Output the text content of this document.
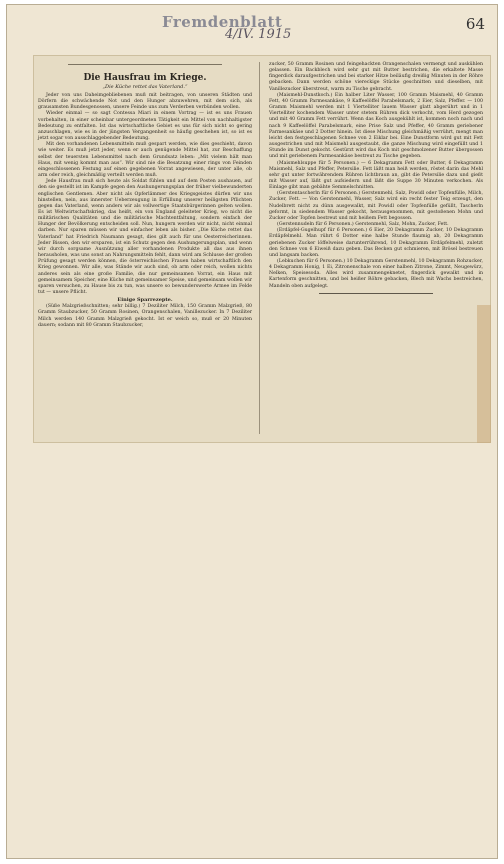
Fremdenblatt
4/IV. 1915
64
Die Hausfrau im Kriege.
„Die Küche rettet das Vaterland.“

Jeder von uns Daheimgebliebenen muß mit beitragen, von unseren Städten und Dörfern die schwächende Not und den Hunger abzuwehren, mit dem sich, als grausamsten Bundesgenossen, unsere Feinde uns zum Verderben verbünden wollen.

Wieder einmal — so sagt Contessa Miari in einem Vortrag — ist es uns Frauen vorbehalten, in einer scheinbar untergeordneten Tätigkeit ein Mittel von nachhaltigster Bedeutung zu entfalten. Ist das wirtschaftliche Gebiet es uns für sich nicht so gering anzuschlagen, wie es in der jüngsten Vergangenheit so häufig geschehen ist, so ist es jetzt sogar von ausschlaggebender Bedeutung.

Mit den vorhandenen Lebensmitteln muß gespart werden, wie dies geschieht, davon wie weiter. Es muß jetzt jeder, wenn er auch genügende Mittel hat, zur Beschaffung selbst der teuersten Lebensmittel nach dem Grundsatz leben: „Mit vielem hält man Haus, mit wenig kommt man aus“. Wir sind nie die Besatzung einer rings von Feinden eingeschlossenen Festung auf einen gegebenen Vorrat angewiesen, der unter alle, ob arm oder reich, gleichmäßig verteilt werden muß.

Jede Hausfrau muß sich heute als Soldat fühlen und auf dem Posten aushauen, auf den sie gestellt ist im Kampfe gegen den Aushungerungsplan der früher vielbewunderten englischen Gentlemen. Aber nicht als Opferlämmer des Kriegsgeistes dürfen wir uns hinstellen, nein, aus innerster Ueberzeugung in Erfüllung unserer heiligsten Pflichten gegen das Vaterland, wenn anders wir als vollwertige Staatsbürgerinnen gelten wollen. Es ist Weltwirtschaftskrieg, das heißt, ein von England geleiteter Krieg, wo nicht die militärischen Qualitäten und die militärische Machtentfaltung, sondern einfach der Hunger der Bevölkerung entscheiden soll. Nun, hungern werden wir nicht, nicht einmal darben. Nur sparen müssen wir und einfacher leben als bisher. „Die Küche rettet das Vaterland“ hat Friedrich Naumann gesagt, dies gilt auch für uns Oesterreicherinnen. Jeder Bissen, den wir ersparen, ist ein Schutz gegen den Aushungerungsplan, und wenn wir durch sorgsame Ausnützung aller vorhandenen Produkte all das aus ihnen herausholen, was uns sonst an Nahrungsmitteln fehlt, dann wird am Schlusse der großen Prüfung gesagt werden können, die österreichischen Frauen haben wirtschaftlich den Krieg gewonnen. Wir alle, was Stände wir auch sind, ob arm oder reich, wollen nichts anderes sein als eine große Familie, die nur gemeinsamen Vorrat, ein Haus mit gemeinsamem Speicher, eine Küche mit gemeinsamer Speise, und gemeinsam wollen wir sparen versuchen, zu Hause bis zu tun, was unsere so bewunderswerte Armee im Felde tut — unsere Pflicht.

Einige Sparrezepte.

(Süße Malzgrießschnitten; sehr billig.) 7 Deziliter Milch, 150 Gramm Malzgrieß, 80 Gramm Staubzucker, 50 Gramm Rosinen, Orangenschalen, Vanillezucker. In 7 Deziliter Milch werden 140 Gramm Malzgrieß gekocht. Ist er weich so, muß er 20 Minuten dauern; sodann mit 80 Gramm Staubzucker,

zucker, 50 Gramm Rosinen und feingehackten Orangenschalen vermengt und auskühlen gelassen. Ein Backblech wird sehr gut mit Butter bestrichen, die erkaltete Masse fingerdick daraufgestrichen und bei starker Hitze beiläufig dreißig Minuten in der Röhre gebacken. Dann werden schöne viereckige Stücke geschnitten und dieselben, mit Vanillezucker überstreut, warm zu Tische gebracht.

(Maismehl-Dunstkoch.) Ein halber Liter Wasser, 100 Gramm Maismehl, 40 Gramm Fett, 40 Gramm Parmesankäse, 9 Kaffeelöffel Parabelsmark, 2 Eier, Salz, Pfeffer. — 100 Gramm Maismehl werden mit 1 Viertelliter lauem Wasser glatt abgerührt und in 1 Viertelliter kochendem Wasser unter stetem Rühren dick verkocht, vom Herd gezogen und mit 40 Gramm Fett verrührt. Wenn das Koch ausgekühlt ist, kommen noch nach und nach 9 Kaffeelöffel Parabelsmark, eine Prise Salz und Pfeffer, 40 Gramm geriebener Parmesankäse und 2 Dotter hinein. Ist diese Mischung gleichmäßig verrührt, mengt man leicht den festgeschlagenen Schnee von 2 Eiklar bei. Eine Dunstform wird gut mit Fett ausgestrichen und mit Maismehl ausgestaubt, die ganze Mischung wird eingefüllt und 1 Stunde im Dunst gekocht. Gestürzt wird das Koch mit geschmolzener Butter übergossen und mit geriebenem Parmesankäse bestreut zu Tische gegeben.

(Maismehlsuppe für 5 Personen.) — 6 Dekagramm Fett oder Butter, 6 Dekagramm Maismehl, Salz und Pfeffer, Petersilie. Fett läßt man heiß werden, röstet darin das Mehl sehr gut unter fortwährendem Rühren lichtbraun an, gibt die Petersilie dazu und gießt mit Wasser auf, läßt gut aufsiedern und läßt die Suppe 30 Minuten verkochen. Als Einlage gibt man gebähte Semmelschnitten.

(Gerstentascherln für 6 Personen.) Gerstenmehl, Salz, Powidl oder Topfenfülle, Milch, Zucker, Fett. — Von Gerstenmehl, Wasser, Salz wird ein recht fester Teig erzeugt, den Nudelbrett nicht zu dünn ausgewalkt, mit Powidl oder Topfenfülle gefüllt, Tascherln geformt, in siedendem Wasser gekocht, herausgenommen, mit gestoßenen Mohn und Zucker oder Topfen bestreut und mit heißem Fett begossen.

(Gerstennudeln für 6 Personen.) Gerstenmehl, Salz, Mohn, Zucker, Fett.

(Erdäpfel-Gugelhupf für 6 Personen.) 6 Eier, 20 Dekagramm Zucker, 10 Dekagramm Erdäpfelmehl. Man rührt 6 Dotter eine halbe Stunde flaumig ab, 20 Dekagramm geriebenen Zucker löffelweise darunterrührend, 10 Dekagramm Erdäpfelmehl, zuletzt den Schnee von 6 Eiweiß dazu geben. Das Becken gut schmieren, mit Brösel bestreuen und langsam backen.

(Lebkuchen für 6 Personen.) 10 Dekagramm Gerstenmehl, 10 Dekagramm Rohzucker, 4 Dekagramm Honig, 1 Ei, Zitronenschale von einer halben Zitrone, Zimmt, Neugewürz, Nelken, Speisesoda. Alles wird zusammengeknetet, fingerdick gewalkt und in Kartenform geschnitten, und bei heißer Röhre gebacken, Blech mit Wachs bestreichen, Mandeln oben aufgelegt.
